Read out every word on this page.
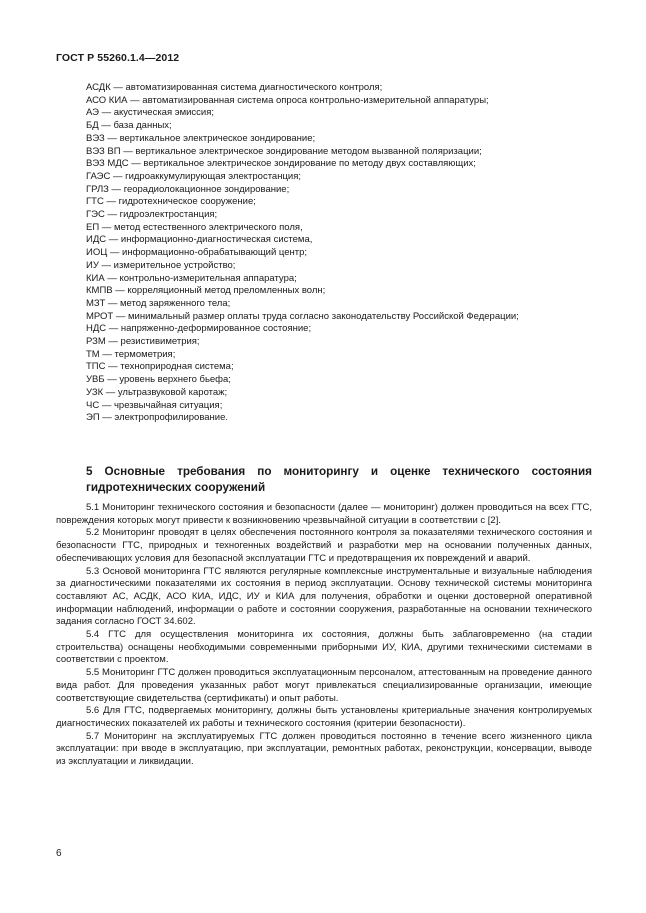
ГОСТ Р 55260.1.4—2012
АСДК — автоматизированная система диагностического контроля;
АСО КИА — автоматизированная система опроса контрольно-измерительной аппаратуры;
АЭ — акустическая эмиссия;
БД — база данных;
ВЭЗ — вертикальное электрическое зондирование;
ВЭЗ ВП — вертикальное электрическое зондирование методом вызванной поляризации;
ВЭЗ МДС — вертикальное электрическое зондирование по методу двух составляющих;
ГАЭС — гидроаккумулирующая электростанция;
ГРЛЗ — георадиолокационное зондирование;
ГТС — гидротехническое сооружение;
ГЭС — гидроэлектростанция;
ЕП — метод естественного электрического поля,
ИДС — информационно-диагностическая система,
ИОЦ — информационно-обрабатывающий центр;
ИУ — измерительное устройство;
КИА — контрольно-измерительная аппаратура;
КМПВ — корреляционный метод преломленных волн;
МЗТ — метод заряженного тела;
МРОТ — минимальный размер оплаты труда согласно законодательству Российской Федерации;
НДС — напряженно-деформированное состояние;
РЗМ — резистивиметрия;
ТМ — термометрия;
ТПС — техноприродная система;
УВБ — уровень верхнего бьефа;
УЗК — ультразвуковой каротаж;
ЧС — чрезвычайная ситуация;
ЭП — электропрофилирование.
5 Основные требования по мониторингу и оценке технического состояния гидротехнических сооружений

5.1 Мониторинг технического состояния и безопасности (далее — мониторинг) должен проводиться на всех ГТС, повреждения которых могут привести к возникновению чрезвычайной ситуации в соответствии с [2].

5.2 Мониторинг проводят в целях обеспечения постоянного контроля за показателями технического состояния и безопасности ГТС, природных и техногенных воздействий и разработки мер на основании полученных данных, обеспечивающих условия для безопасной эксплуатации ГТС и предотвращения их повреждений и аварий.

5.3 Основой мониторинга ГТС являются регулярные комплексные инструментальные и визуальные наблюдения за диагностическими показателями их состояния в период эксплуатации. Основу технической системы мониторинга составляют АС, АСДК, АСО КИА, ИДС, ИУ и КИА для получения, обработки и оценки достоверной оперативной информации наблюдений, информации о работе и состоянии сооружения, разработанные на основании технического задания согласно ГОСТ 34.602.

5.4 ГТС для осуществления мониторинга их состояния, должны быть заблаговременно (на стадии строительства) оснащены необходимыми современными приборными ИУ, КИА, другими техническими системами в соответствии с проектом.

5.5 Мониторинг ГТС должен проводиться эксплуатационным персоналом, аттестованным на проведение данного вида работ. Для проведения указанных работ могут привлекаться специализированные организации, имеющие соответствующие свидетельства (сертификаты) и опыт работы.

5.6 Для ГТС, подвергаемых мониторингу, должны быть установлены критериальные значения контролируемых диагностических показателей их работы и технического состояния (критерии безопасности).

5.7 Мониторинг на эксплуатируемых ГТС должен проводиться постоянно в течение всего жизненного цикла эксплуатации: при вводе в эксплуатацию, при эксплуатации, ремонтных работах, реконструкции, консервации, выводе из эксплуатации и ликвидации.

6
